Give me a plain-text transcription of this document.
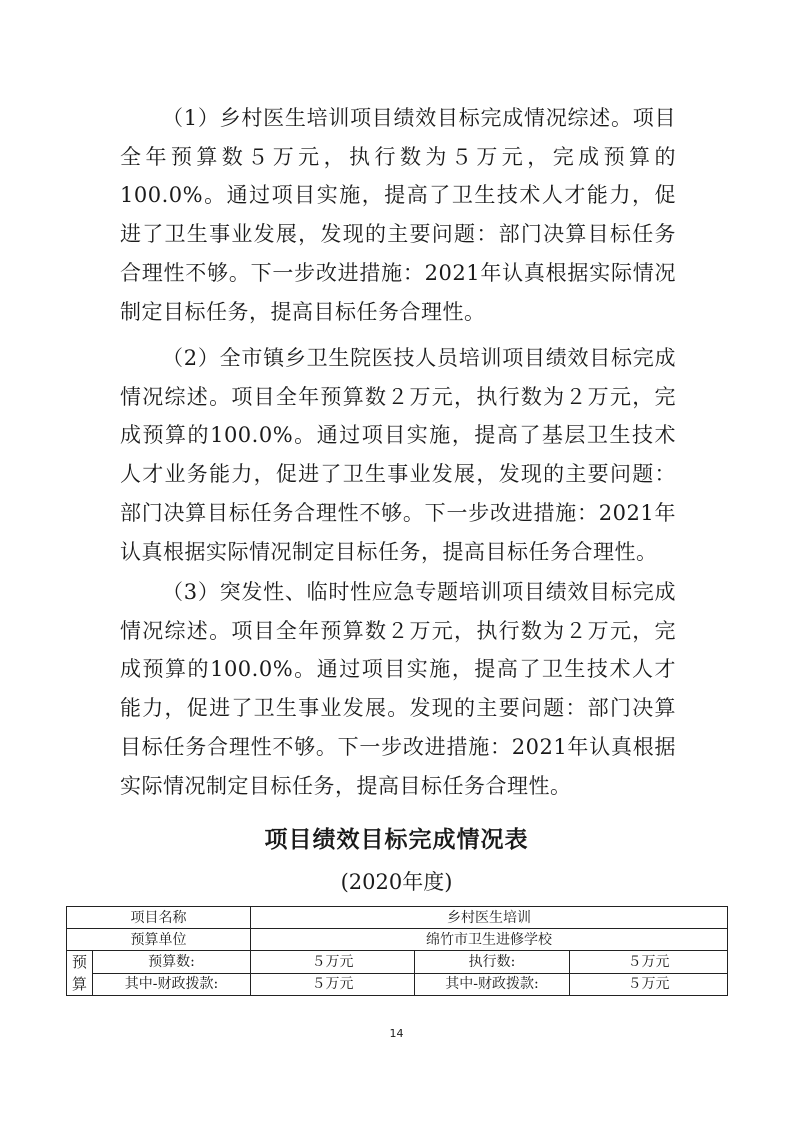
（1）乡村医生培训项目绩效目标完成情况综述。项目全年预算数５万元，执行数为５万元，完成预算的100.0%。通过项目实施，提高了卫生技术人才能力，促进了卫生事业发展，发现的主要问题：部门决算目标任务合理性不够。下一步改进措施：2021年认真根据实际情况制定目标任务，提高目标任务合理性。

（2）全市镇乡卫生院医技人员培训项目绩效目标完成情况综述。项目全年预算数２万元，执行数为２万元，完成预算的100.0%。通过项目实施，提高了基层卫生技术人才业务能力，促进了卫生事业发展，发现的主要问题：部门决算目标任务合理性不够。下一步改进措施：2021年认真根据实际情况制定目标任务，提高目标任务合理性。

（3）突发性、临时性应急专题培训项目绩效目标完成情况综述。项目全年预算数２万元，执行数为２万元，完成预算的100.0%。通过项目实施，提高了卫生技术人才能力，促进了卫生事业发展。发现的主要问题：部门决算目标任务合理性不够。下一步改进措施：2021年认真根据实际情况制定目标任务，提高目标任务合理性。

项目绩效目标完成情况表

(2020年度)

项目名称		乡村医生培训		
预算单位		绵竹市卫生进修学校		
预算	预算数:	５万元	执行数:	５万元
	其中-财政拨款:	５万元	其中-财政拨款:	５万元

14
